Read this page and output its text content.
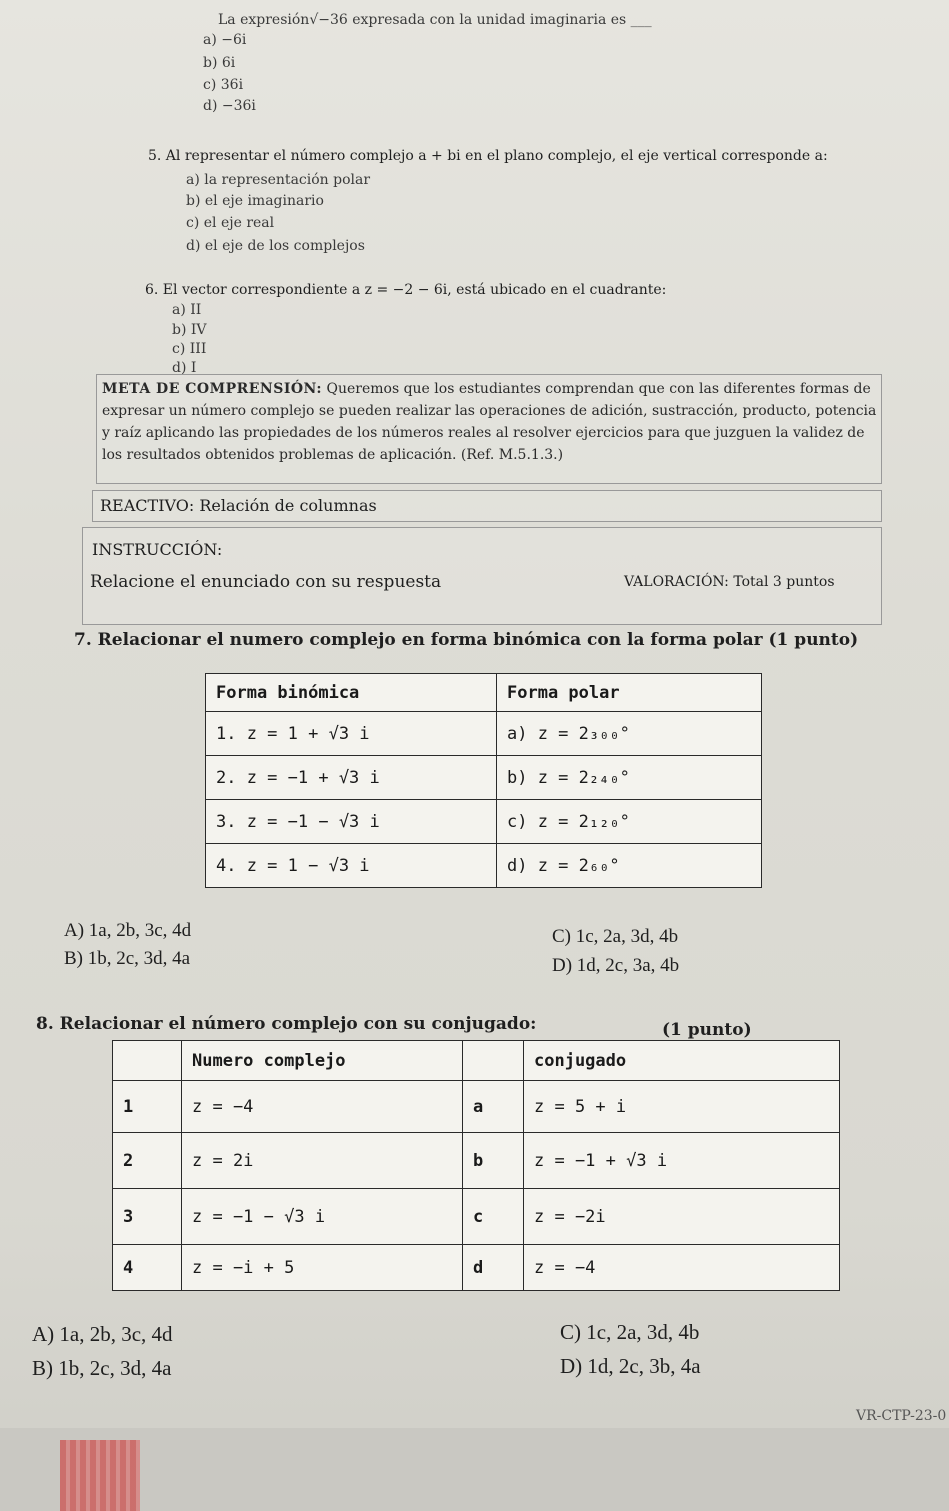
La expresión√−36 expresada con la unidad imaginaria es ___
a) −6i
b) 6i
c) 36i
d) −36i
5. Al representar el número complejo a + bi en el plano complejo, el eje vertical corresponde a:
a) la representación polar
b) el eje imaginario
c) el eje real
d) el eje de los complejos
6. El vector correspondiente a z = −2 − 6i, está ubicado en el cuadrante:
a) II
b) IV
c) III
d) I
META DE COMPRENSIÓN: Queremos que los estudiantes comprendan que con las diferentes formas de expresar un número complejo se pueden realizar las operaciones de adición, sustracción, producto, potencia y raíz aplicando las propiedades de los números reales al resolver ejercicios para que juzguen la validez de los resultados obtenidos problemas de aplicación. (Ref. M.5.1.3.)
REACTIVO: Relación de columnas
INSTRUCCIÓN:
Relacione el enunciado con su respuesta	VALORACIÓN: Total 3 puntos
7. Relacionar el numero complejo en forma binómica con la forma polar (1 punto)
Forma binómica	Forma polar
1. z = 1 + √3 i	a) z = 2₃₀₀°
2. z = −1 + √3 i	b) z = 2₂₄₀°
3. z = −1 − √3 i	c) z = 2₁₂₀°
4. z = 1 − √3 i	d) z = 2₆₀°
A) 1a, 2b, 3c, 4d
B) 1b, 2c, 3d, 4a
C) 1c, 2a, 3d, 4b
D) 1d, 2c, 3a, 4b
8. Relacionar el número complejo con su conjugado:	(1 punto)
	Numero complejo		conjugado
1	z = −4	a	z = 5 + i
2	z = 2i	b	z = −1 + √3 i
3	z = −1 − √3 i	c	z = −2i
4	z = −i + 5	d	z = −4
A) 1a, 2b, 3c, 4d
B) 1b, 2c, 3d, 4a
C) 1c, 2a, 3d, 4b
D) 1d, 2c, 3b, 4a
VR-CTP-23-0
